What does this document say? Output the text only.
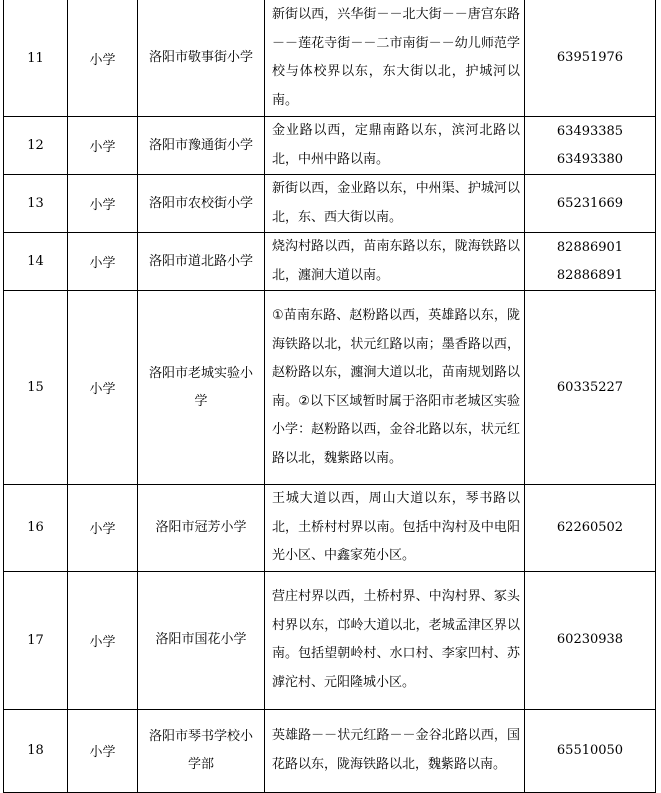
11	小学	洛阳市敬事街小学	新街以西，兴华街－－北大街－－唐宫东路－－莲花寺街－－二市南街－－幼儿师范学校与体校界以东，东大街以北，护城河以南。	63951976

12	小学	洛阳市豫通街小学	金业路以西，定鼎南路以东，滨河北路以北，中州中路以南。	63493385
63493380

13	小学	洛阳市农校街小学	新街以西，金业路以东，中州渠、护城河以北，东、西大街以南。	65231669

14	小学	洛阳市道北路小学	烧沟村路以西，苗南东路以东，陇海铁路以北，瀍涧大道以南。	82886901
82886891

15	小学	洛阳市老城实验小学	①苗南东路、赵粉路以西，英雄路以东，陇海铁路以北，状元红路以南；墨香路以西，赵粉路以东，瀍涧大道以北，苗南规划路以南。②以下区域暂时属于洛阳市老城区实验小学：赵粉路以西，金谷北路以东，状元红路以北，魏紫路以南。	60335227

16	小学	洛阳市冠芳小学	王城大道以西，周山大道以东，琴书路以北，土桥村村界以南。包括中沟村及中电阳光小区、中鑫家苑小区。	62260502

17	小学	洛阳市国花小学	营庄村界以西，土桥村界、中沟村界、冢头村界以东，邙岭大道以北，老城孟津区界以南。包括望朝岭村、水口村、李家凹村、苏滹沱村、元阳隆城小区。	60230938

18	小学	洛阳市琴书学校小学部	英雄路－－状元红路－－金谷北路以西，国花路以东，陇海铁路以北，魏紫路以南。	65510050
